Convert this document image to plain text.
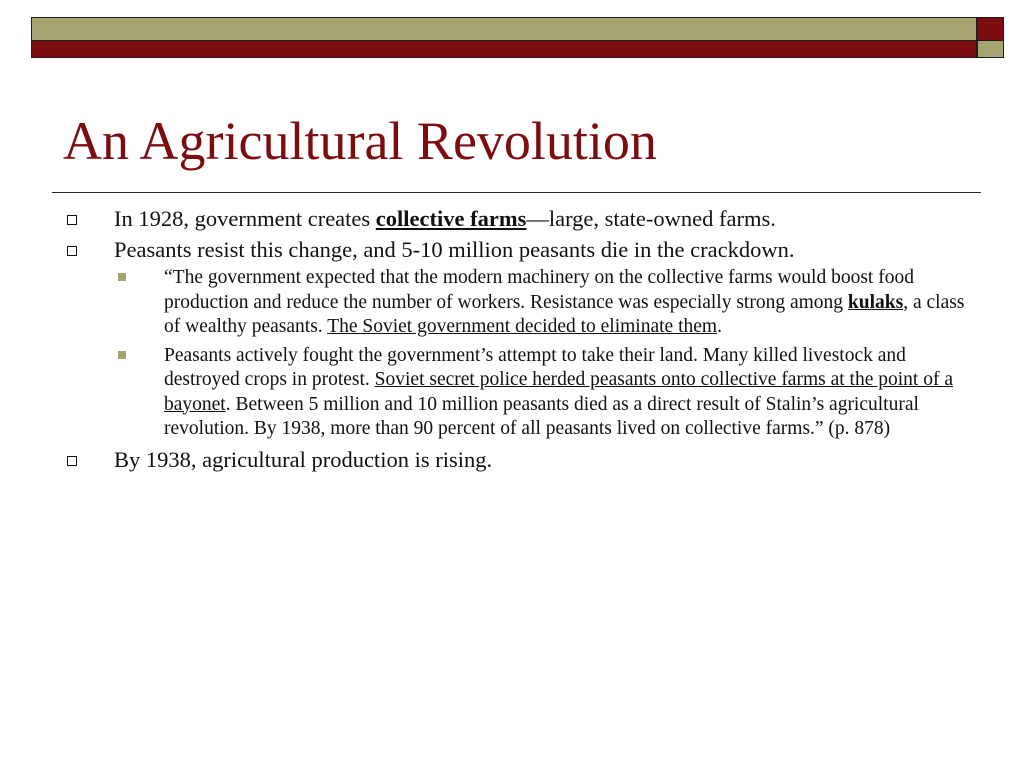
An Agricultural Revolution
In 1928, government creates collective farms—large, state-owned farms.
Peasants resist this change, and 5-10 million peasants die in the crackdown.
“The government expected that the modern machinery on the collective farms would boost food production and reduce the number of workers. Resistance was especially strong among kulaks, a class of wealthy peasants. The Soviet government decided to eliminate them.
Peasants actively fought the government’s attempt to take their land. Many killed livestock and destroyed crops in protest. Soviet secret police herded peasants onto collective farms at the point of a bayonet. Between 5 million and 10 million peasants died as a direct result of Stalin’s agricultural revolution. By 1938, more than 90 percent of all peasants lived on collective farms.” (p. 878)
By 1938, agricultural production is rising.
